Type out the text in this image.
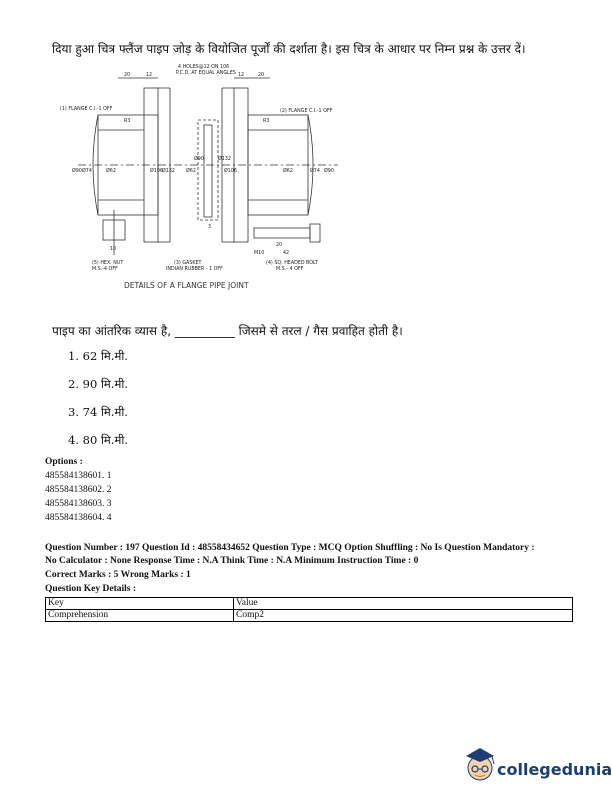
दिया हुआ चित्र फ्लैंज पाइप जोड़ के वियोजित पूर्जों की दर्शाता है। इस चित्र के आधार पर निम्न प्रश्न के उत्तर दें।
4 HOLES@12 ON 106
P.C.D. AT EQUAL ANGLES
(1) FLANGE C.I.-1 OFF	(2) FLANGE C.I.-1 OFF
20	12	12	20
R3	R3
Ø90 Ø74	Ø62	Ø106 Ø132 Ø62
Ø90	Ø132
Ø106	Ø62	Ø74 Ø90
3
10
20
42
M10
(5) HEX. NUT
M.S.-4 OFF
(3) GASKET
INDIAN RUBBER - 1 OFF
(4) SQ. HEADED BOLT
M.S.- 4 OFF
DETAILS OF A FLANGE PIPE JOINT
पाइप का आंतरिक व्यास है, __________ जिसमे से तरल / गैस प्रवाहित होती है।
1. 62 मि.मी.
2. 90 मि.मी.
3. 74 मि.मी.
4. 80 मि.मी.
Options :
485584138601. 1
485584138602. 2
485584138603. 3
485584138604. 4
Question Number : 197 Question Id : 48558434652 Question Type : MCQ Option Shuffling : No Is Question Mandatory :
No Calculator : None Response Time : N.A Think Time : N.A Minimum Instruction Time : 0
Correct Marks : 5 Wrong Marks : 1
Question Key Details :
Key	Value
Comprehension	Comp2
collegedunia
